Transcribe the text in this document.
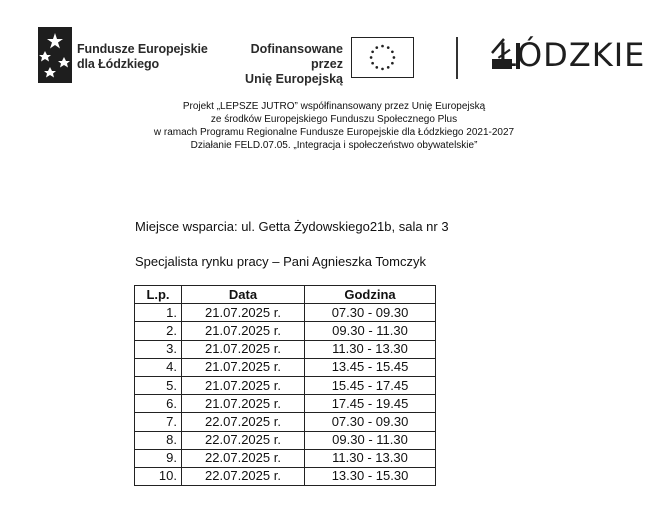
Fundusze Europejskie
dla Łódzkiego
Dofinansowane przez
Unię Europejską
ŁÓDZKIE
Projekt „LEPSZE JUTRO” współfinansowany przez Unię Europejską
ze środków Europejskiego Funduszu Społecznego Plus
w ramach Programu Regionalne Fundusze Europejskie dla Łódzkiego 2021-2027
Działanie FELD.07.05. „Integracja i społeczeństwo obywatelskie”
Miejsce wsparcia: ul. Getta Żydowskiego21b, sala nr 3
Specjalista rynku pracy – Pani Agnieszka Tomczyk
L.p.	Data	Godzina
1.	21.07.2025 r.	07.30 - 09.30
2.	21.07.2025 r.	09.30 - 11.30
3.	21.07.2025 r.	11.30 - 13.30
4.	21.07.2025 r.	13.45 - 15.45
5.	21.07.2025 r.	15.45 - 17.45
6.	21.07.2025 r.	17.45 - 19.45
7.	22.07.2025 r.	07.30 - 09.30
8.	22.07.2025 r.	09.30 - 11.30
9.	22.07.2025 r.	11.30 - 13.30
10.	22.07.2025 r.	13.30 - 15.30
